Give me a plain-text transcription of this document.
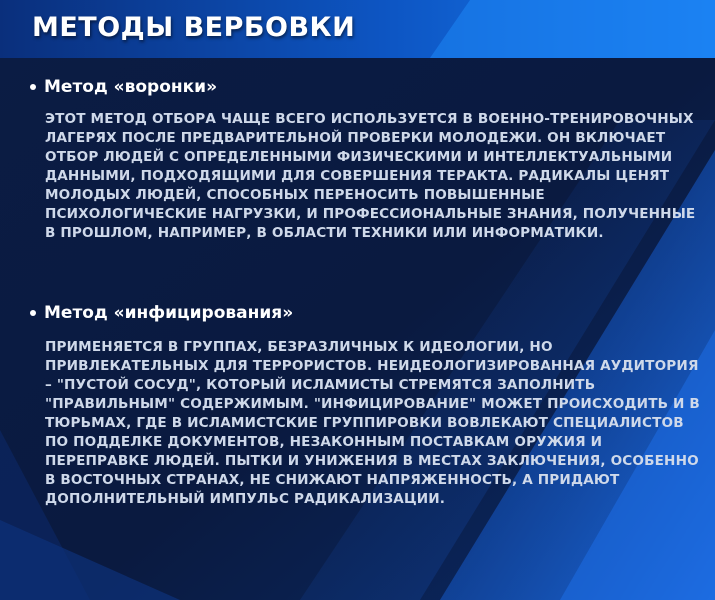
МЕТОДЫ ВЕРБОВКИ
Метод «воронки»

ЭТОТ МЕТОД ОТБОРА ЧАЩЕ ВСЕГО ИСПОЛЬЗУЕТСЯ В ВОЕННО-ТРЕНИРОВОЧНЫХ ЛАГЕРЯХ ПОСЛЕ ПРЕДВАРИТЕЛЬНОЙ ПРОВЕРКИ МОЛОДЕЖИ. ОН ВКЛЮЧАЕТ ОТБОР ЛЮДЕЙ С ОПРЕДЕЛЕННЫМИ ФИЗИЧЕСКИМИ И ИНТЕЛЛЕКТУАЛЬНЫМИ ДАННЫМИ, ПОДХОДЯЩИМИ ДЛЯ СОВЕРШЕНИЯ ТЕРАКТА. РАДИКАЛЫ ЦЕНЯТ МОЛОДЫХ ЛЮДЕЙ, СПОСОБНЫХ ПЕРЕНОСИТЬ ПОВЫШЕННЫЕ ПСИХОЛОГИЧЕСКИЕ НАГРУЗКИ, И ПРОФЕССИОНАЛЬНЫЕ ЗНАНИЯ, ПОЛУЧЕННЫЕ В ПРОШЛОМ, НАПРИМЕР, В ОБЛАСТИ ТЕХНИКИ ИЛИ ИНФОРМАТИКИ.

Метод «инфицирования»

ПРИМЕНЯЕТСЯ В ГРУППАХ, БЕЗРАЗЛИЧНЫХ К ИДЕОЛОГИИ, НО ПРИВЛЕКАТЕЛЬНЫХ ДЛЯ ТЕРРОРИСТОВ. НЕИДЕОЛОГИЗИРОВАННАЯ АУДИТОРИЯ – "ПУСТОЙ СОСУД", КОТОРЫЙ ИСЛАМИСТЫ СТРЕМЯТСЯ ЗАПОЛНИТЬ "ПРАВИЛЬНЫМ" СОДЕРЖИМЫМ. "ИНФИЦИРОВАНИЕ" МОЖЕТ ПРОИСХОДИТЬ И В ТЮРЬМАХ, ГДЕ В ИСЛАМИСТСКИЕ ГРУППИРОВКИ ВОВЛЕКАЮТ СПЕЦИАЛИСТОВ ПО ПОДДЕЛКЕ ДОКУМЕНТОВ, НЕЗАКОННЫМ ПОСТАВКАМ ОРУЖИЯ И ПЕРЕПРАВКЕ ЛЮДЕЙ. ПЫТКИ И УНИЖЕНИЯ В МЕСТАХ ЗАКЛЮЧЕНИЯ, ОСОБЕННО В ВОСТОЧНЫХ СТРАНАХ, НЕ СНИЖАЮТ НАПРЯЖЕННОСТЬ, А ПРИДАЮТ ДОПОЛНИТЕЛЬНЫЙ ИМПУЛЬС РАДИКАЛИЗАЦИИ.
